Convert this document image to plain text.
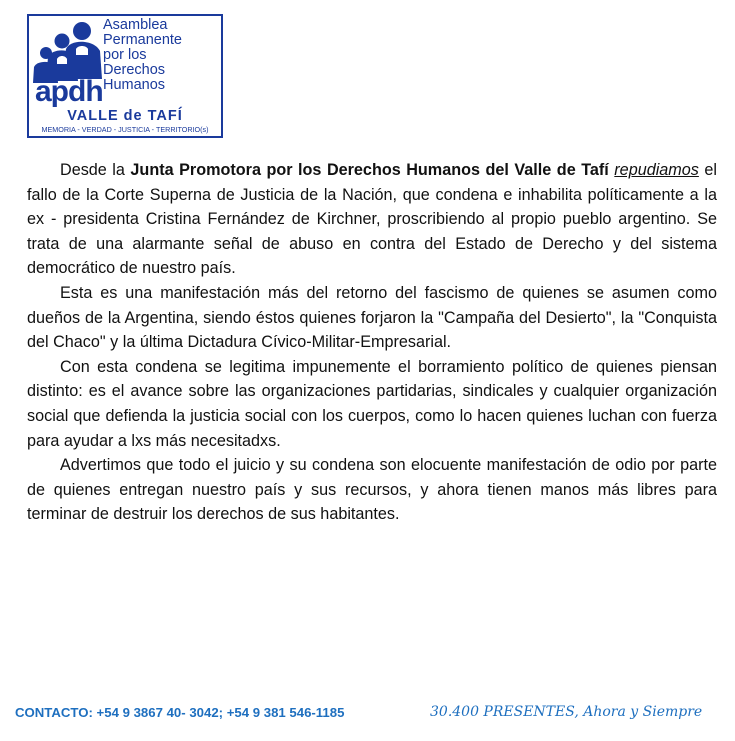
Asamblea
Permanente
por los
Derechos
Humanos
apdh
VALLE de TAFÍ
MEMORIA - VERDAD - JUSTICIA - TERRITORIO(s)

Desde la Junta Promotora por los Derechos Humanos del Valle de Tafí repudiamos el fallo de la Corte Superna de Justicia de la Nación, que condena e inhabilita políticamente a la ex - presidenta Cristina Fernández de Kirchner, proscribiendo al propio pueblo argentino. Se trata de una alarmante señal de abuso en contra del Estado de Derecho y del sistema democrático de nuestro país.

Esta es una manifestación más del retorno del fascismo de quienes se asumen como dueños de la Argentina, siendo éstos quienes forjaron la "Campaña del Desierto", la "Conquista del Chaco" y la última Dictadura Cívico-Militar-Empresarial.

Con esta condena se legitima impunemente el borramiento político de quienes piensan distinto: es el avance sobre las organizaciones partidarias, sindicales y cualquier organización social que defienda la justicia social con los cuerpos, como lo hacen quienes luchan con fuerza para ayudar a lxs más necesitadxs.

Advertimos que todo el juicio y su condena son elocuente manifestación de odio por parte de quienes entregan nuestro país y sus recursos, y ahora tienen manos más libres para terminar de destruir los derechos de sus habitantes.

CONTACTO: +54 9 3867 40- 3042; +54 9 381 546-1185	30.400 PRESENTES, Ahora y Siempre
